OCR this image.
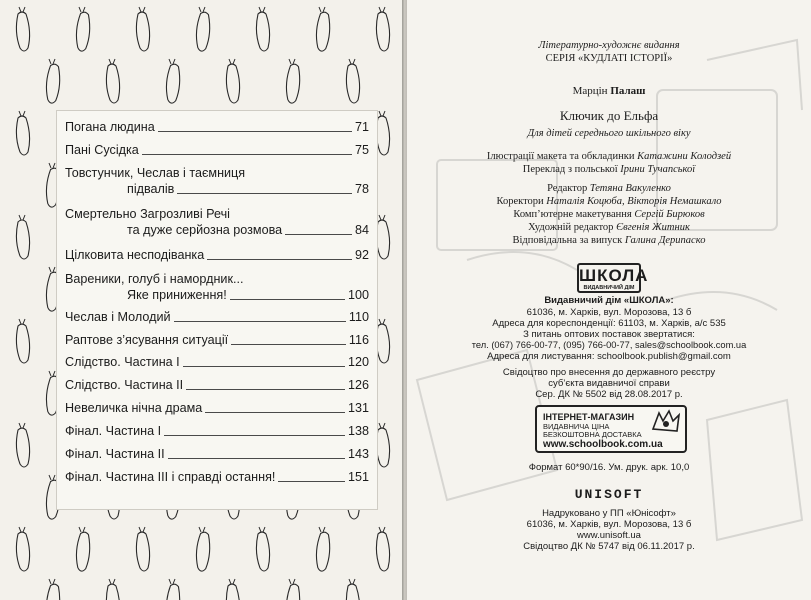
Погана людина	71
Пані Сусідка	75
Товстунчик, Чеслав і таємниця
підвалів	78
Смертельно Загрозливі Речі
та дуже серйозна розмова	84
Цілковита несподіванка	92
Вареники, голуб і намордник...
Яке приниження!	100
Чеслав і Молодий	110
Раптове з’ясування ситуації	116
Слідство. Частина I	120
Слідство. Частина II	126
Невеличка нічна драма	131
Фінал. Частина I	138
Фінал. Частина II	143
Фінал. Частина III і справді остання!	151
Літературно-художнє видання
СЕРІЯ «КУДЛАТІ ІСТОРІЇ»
Марцін Палаш
Ключик до Ельфа
Для дітей середнього шкільного віку
Ілюстрації макета та обкладинки Катажини Колодзей
Переклад з польської Ірини Тучапської
Редактор Тетяна Вакуленко
Коректори Наталія Коцюба, Вікторія Немашкало
Комп’ютерне макетування Сергій Бирюков
Художній редактор Євгенія Житник
Відповідальна за випуск Галина Дерипаско
ШКОЛА
ВИДАВНИЧИЙ ДІМ
Видавничий дім «ШКОЛА»:
61036, м. Харків, вул. Морозова, 13 б
Адреса для кореспонденції: 61103, м. Харків, а/с 535
З питань оптових поставок звертатися:
тел. (067) 766-00-77, (095) 766-00-77, sales@schoolbook.com.ua
Адреса для листування: schoolbook.publish@gmail.com
Свідоцтво про внесення до державного реєстру
суб’єкта видавничої справи
Сер. ДК № 5502 від 28.08.2017 р.
ІНТЕРНЕТ-МАГАЗИН
ВИДАВНИЧА ЦІНА
БЕЗКОШТОВНА ДОСТАВКА
www.schoolbook.com.ua
Формат 60*90/16. Ум. друк. арк. 10,0
UNISOFT
Надруковано у ПП «Юнісофт»
61036, м. Харків, вул. Морозова, 13 б
www.unisoft.ua
Свідоцтво ДК № 5747 від 06.11.2017 р.
